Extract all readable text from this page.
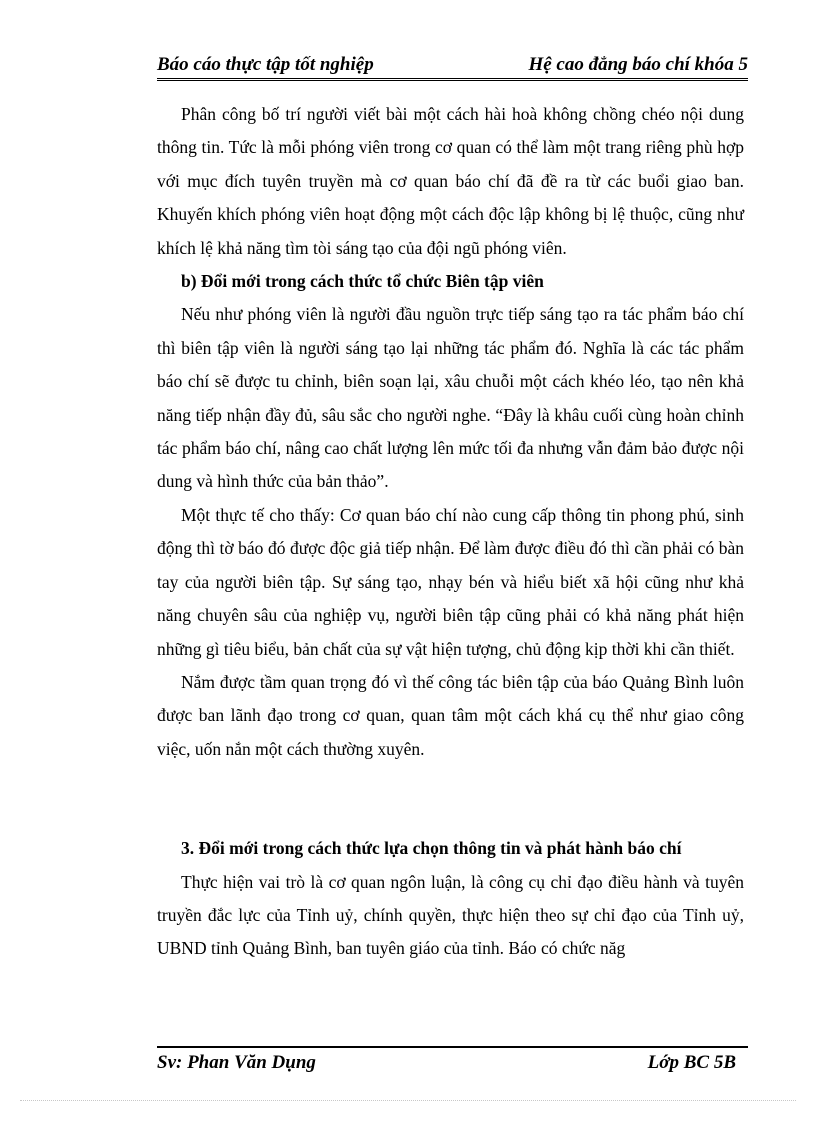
Báo cáo thực tập tốt nghiệp	Hệ cao đẳng báo chí khóa 5

Phân công bố trí người viết bài một cách hài hoà không chồng chéo nội dung thông tin. Tức là mỗi phóng viên trong cơ quan có thể làm một trang riêng phù hợp với mục đích tuyên truyền mà cơ quan báo chí đã đề ra từ các buổi giao ban. Khuyến khích phóng viên hoạt động một cách độc lập không bị lệ thuộc, cũng như khích lệ khả năng tìm tòi sáng tạo của đội ngũ phóng viên.

b) Đổi mới trong cách thức tổ chức Biên tập viên

Nếu như phóng viên là người đầu nguồn trực tiếp sáng tạo ra tác phẩm báo chí thì biên tập viên là người sáng tạo lại những tác phẩm đó. Nghĩa là các tác phẩm báo chí sẽ được tu chỉnh, biên soạn lại, xâu chuỗi một cách khéo léo, tạo nên khả năng tiếp nhận đầy đủ, sâu sắc cho người nghe. “Đây là khâu cuối cùng hoàn chỉnh tác phẩm báo chí, nâng cao chất lượng lên mức tối đa nhưng vẫn đảm bảo được nội dung và hình thức của bản thảo”.

Một thực tế cho thấy: Cơ quan báo chí nào cung cấp thông tin phong phú, sinh động thì tờ báo đó được độc giả tiếp nhận. Để làm được điều đó thì cần phải có bàn tay của người biên tập. Sự sáng tạo, nhạy bén và hiểu biết xã hội cũng như khả năng chuyên sâu của nghiệp vụ, người biên tập cũng phải có khả năng phát hiện những gì tiêu biểu, bản chất của sự vật hiện tượng, chủ động kịp thời khi cần thiết.

Nắm được tầm quan trọng đó vì thế công tác biên tập của báo Quảng Bình luôn được ban lãnh đạo trong cơ quan, quan tâm một cách khá cụ thể như giao công việc, uốn nắn một cách thường xuyên.

3. Đổi mới trong cách thức lựa chọn thông tin và phát hành báo chí

Thực hiện vai trò là cơ quan ngôn luận, là công cụ chỉ đạo điều hành và tuyên truyền đắc lực của Tỉnh uỷ, chính quyền, thực hiện theo sự chỉ đạo của Tỉnh uỷ, UBND tỉnh Quảng Bình, ban tuyên giáo của tỉnh. Báo có chức năg

Sv: Phan Văn Dụng	Lớp BC 5B
